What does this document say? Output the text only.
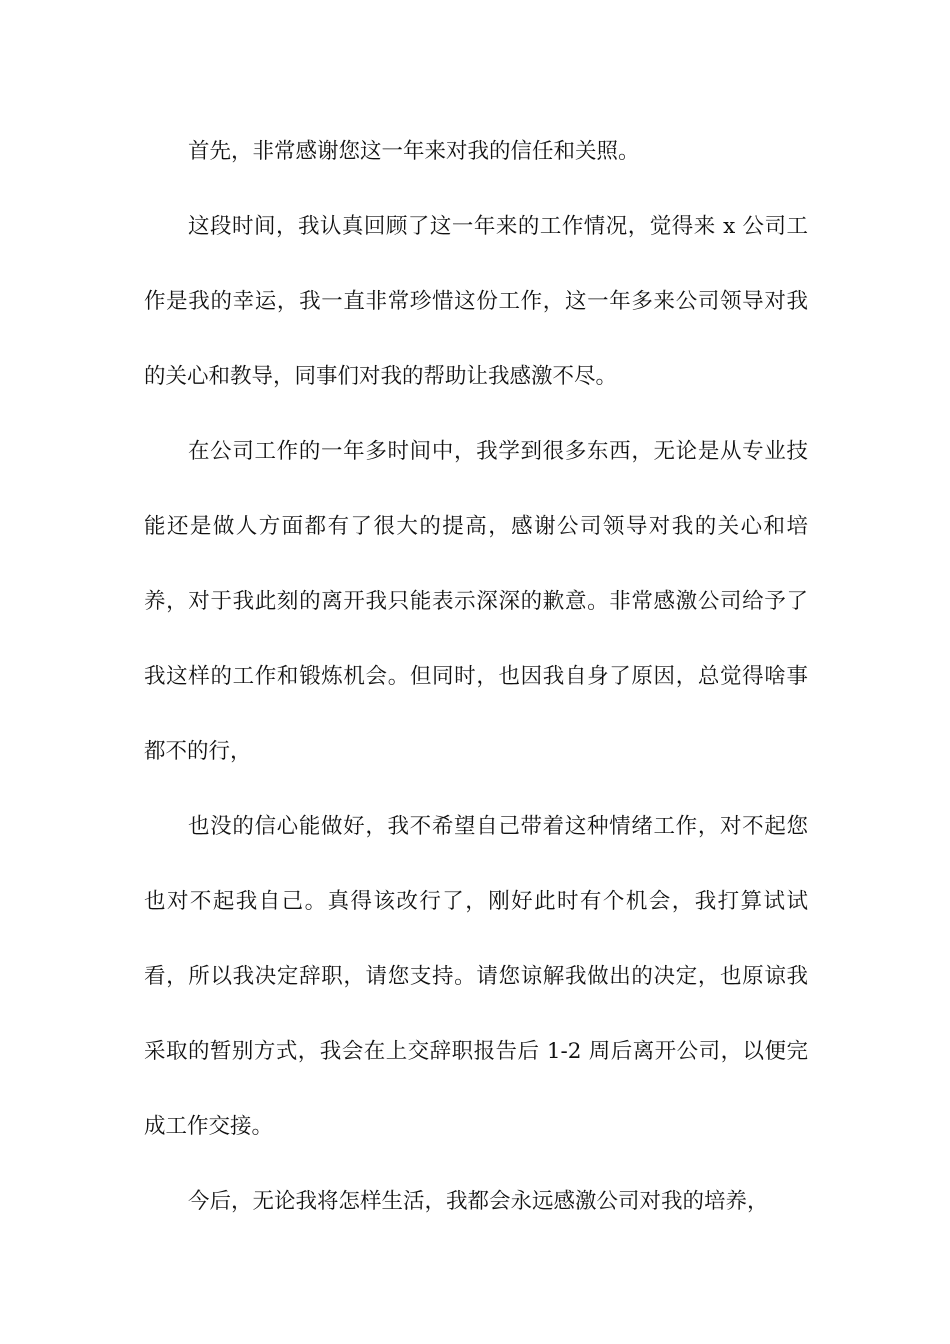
首先，非常感谢您这一年来对我的信任和关照。

这段时间，我认真回顾了这一年来的工作情况，觉得来 x 公司工作是我的幸运，我一直非常珍惜这份工作，这一年多来公司领导对我的关心和教导，同事们对我的帮助让我感激不尽。

在公司工作的一年多时间中，我学到很多东西，无论是从专业技能还是做人方面都有了很大的提高，感谢公司领导对我的关心和培养，对于我此刻的离开我只能表示深深的歉意。非常感激公司给予了我这样的工作和锻炼机会。但同时，也因我自身了原因，总觉得啥事都不的行，

也没的信心能做好，我不希望自己带着这种情绪工作，对不起您也对不起我自己。真得该改行了，刚好此时有个机会，我打算试试看，所以我决定辞职，请您支持。请您谅解我做出的决定，也原谅我采取的暂别方式，我会在上交辞职报告后 1-2 周后离开公司，以便完成工作交接。

今后，无论我将怎样生活，我都会永远感激公司对我的培养，
